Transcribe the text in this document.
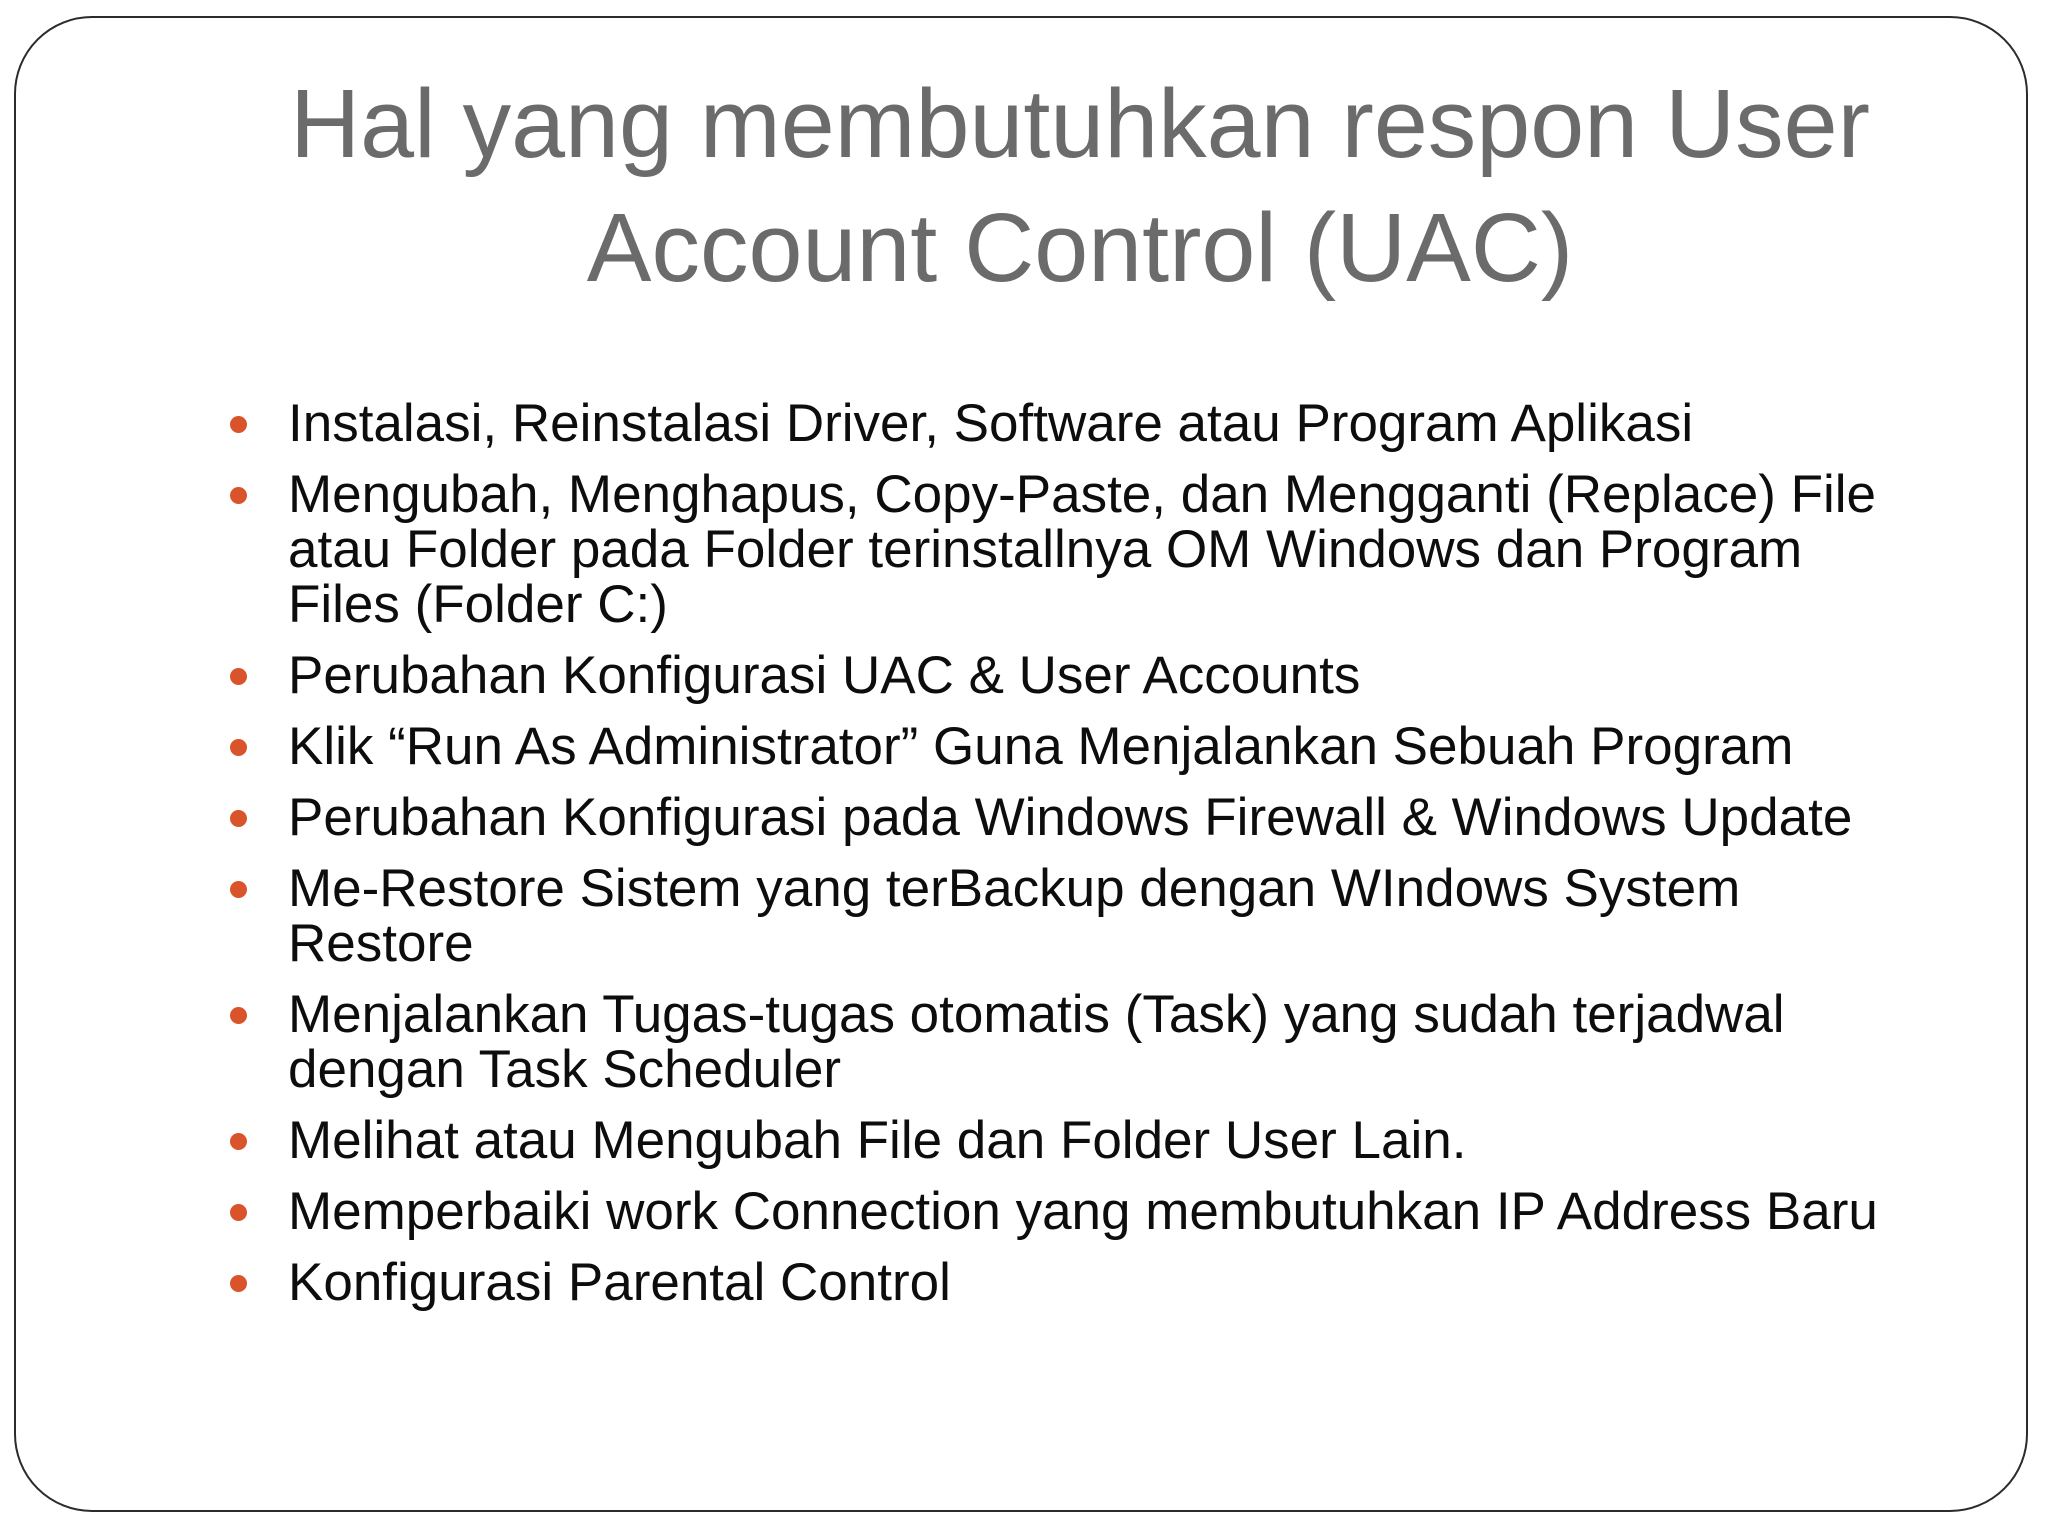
Hal yang membutuhkan respon User
Account Control (UAC)
Instalasi, Reinstalasi Driver, Software atau Program Aplikasi
Mengubah, Menghapus, Copy-Paste, dan Mengganti (Replace) File atau Folder pada Folder terinstallnya OM Windows dan Program Files (Folder C:)
Perubahan Konfigurasi UAC & User Accounts
Klik “Run As Administrator” Guna Menjalankan Sebuah Program
Perubahan Konfigurasi pada Windows Firewall & Windows Update
Me-Restore Sistem yang terBackup dengan WIndows System Restore
Menjalankan Tugas-tugas otomatis (Task) yang sudah terjadwal dengan Task Scheduler
Melihat atau Mengubah File dan Folder User Lain.
Memperbaiki work Connection yang membutuhkan IP Address Baru
Konfigurasi Parental Control
